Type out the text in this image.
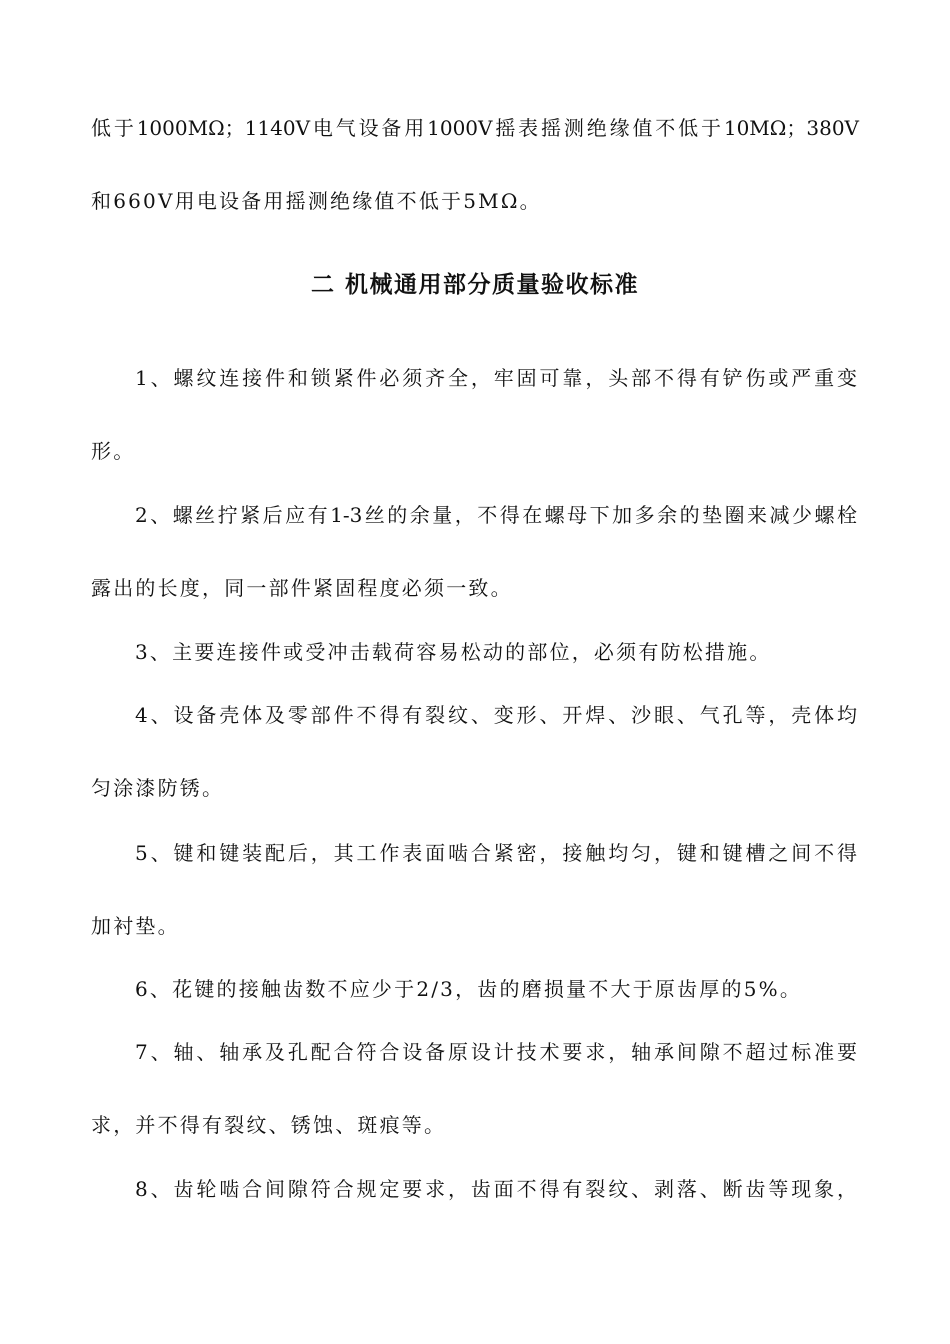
低于1000MΩ；1140V电气设备用1000V摇表摇测绝缘值不低于10MΩ；380V
和660V用电设备用摇测绝缘值不低于5MΩ。
二 机械通用部分质量验收标准
1、螺纹连接件和锁紧件必须齐全，牢固可靠，头部不得有铲伤或严重变
形。
2、螺丝拧紧后应有1-3丝的余量，不得在螺母下加多余的垫圈来减少螺栓
露出的长度，同一部件紧固程度必须一致。
3、主要连接件或受冲击载荷容易松动的部位，必须有防松措施。
4、设备壳体及零部件不得有裂纹、变形、开焊、沙眼、气孔等，壳体均
匀涂漆防锈。
5、键和键装配后，其工作表面啮合紧密，接触均匀，键和键槽之间不得
加衬垫。
6、花键的接触齿数不应少于2/3，齿的磨损量不大于原齿厚的5%。
7、轴、轴承及孔配合符合设备原设计技术要求，轴承间隙不超过标准要
求，并不得有裂纹、锈蚀、斑痕等。
8、齿轮啮合间隙符合规定要求，齿面不得有裂纹、剥落、断齿等现象，
